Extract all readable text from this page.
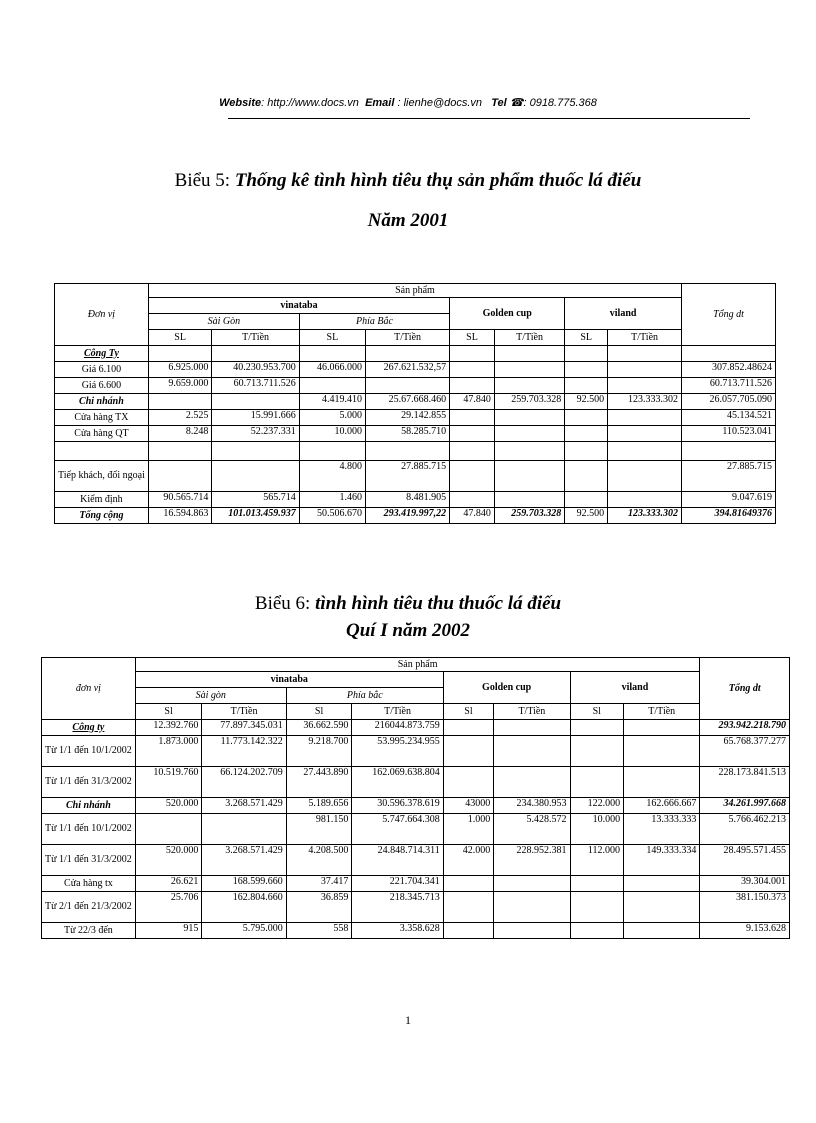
Website: http://www.docs.vn Email : lienhe@docs.vn Tel ☎: 0918.775.368
Biểu 5: Thống kê tình hình tiêu thụ sản phẩm thuốc lá điếu
Năm 2001
Đơn vị	Sản phẩm								Tổng dt
	vinataba				Golden cup		viland		
	Sài Gòn		Phía Bắc						
	SL	T/Tiền	SL	T/Tiền	SL	T/Tiền	SL	T/Tiền	
Công Ty									
Giá 6.100	6.925.000	40.230.953.700	46.066.000	267.621.532,57					307.852.48624
Giá 6.600	9.659.000	60.713.711.526							60.713.711.526
Chi nhánh			4.419.410	25.67.668.460	47.840	259.703.328	92.500	123.333.302	26.057.705.090
Cửa hàng TX	2.525	15.991.666	5.000	29.142.855					45.134.521
Cửa hàng QT	8.248	52.237.331	10.000	58.285.710					110.523.041

Tiếp khách, đối ngoại			4.800	27.885.715					27.885.715
Kiểm định	90.565.714	565.714	1.460	8.481.905					9.047.619
Tổng cộng	16.594.863	101.013.459.937	50.506.670	293.419.997,22	47.840	259.703.328	92.500	123.333.302	394.81649376
Biểu 6: tình hình tiêu thu thuốc lá điếu
Quí I năm 2002
đơn vị	Sản phẩm								Tổng dt
	vinataba				Golden cup		viland		
	Sài gòn		Phía bắc						
	Sl	T/Tiền	Sl	T/Tiền	Sl	T/Tiền	Sl	T/Tiền	
Công ty	12.392.760	77.897.345.031	36.662.590	216044.873.759					293.942.218.790
Từ 1/1 đến 10/1/2002	1.873.000	11.773.142.322	9.218.700	53.995.234.955					65.768.377.277
Từ 1/1 đến 31/3/2002	10.519.760	66.124.202.709	27.443.890	162.069.638.804					228.173.841.513
Chi nhánh	520.000	3.268.571.429	5.189.656	30.596.378.619	43000	234.380.953	122.000	162.666.667	34.261.997.668
Từ 1/1 đến 10/1/2002			981.150	5.747.664.308	1.000	5.428.572	10.000	13.333.333	5.766.462.213
Từ 1/1 đến 31/3/2002	520.000	3.268.571.429	4.208.500	24.848.714.311	42.000	228.952.381	112.000	149.333.334	28.495.571.455
Cửa hàng tx	26.621	168.599.660	37.417	221.704.341					39.304.001
Từ 2/1 đến 21/3/2002	25.706	162.804.660	36.859	218.345.713					381.150.373
Từ 22/3 đến	915	5.795.000	558	3.358.628					9.153.628
1
